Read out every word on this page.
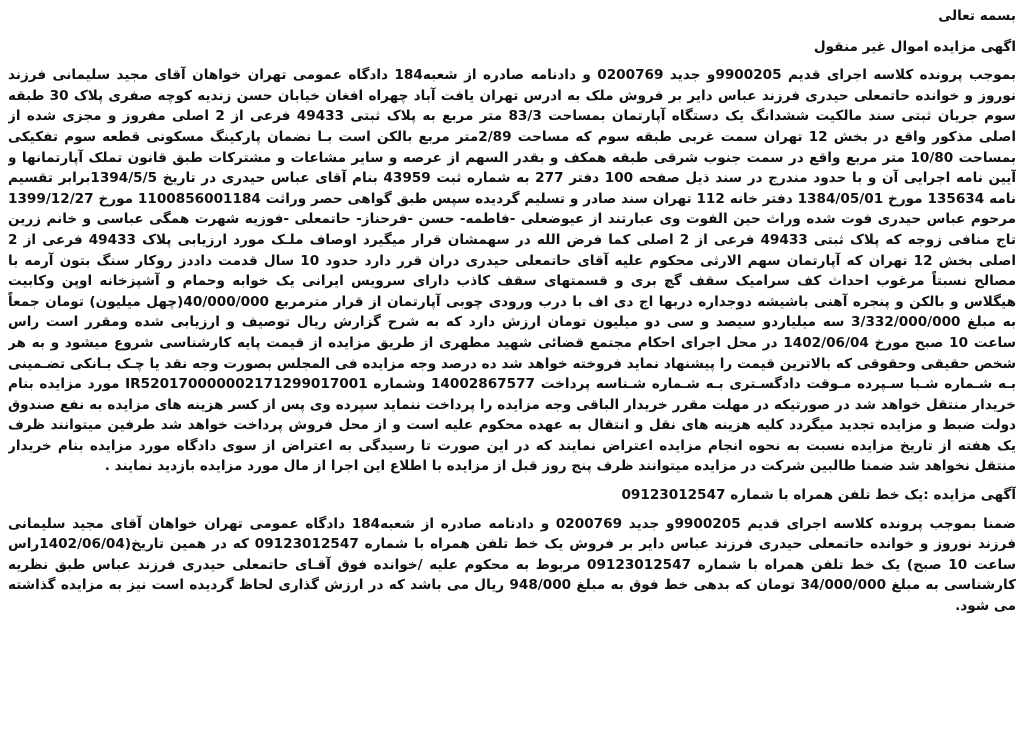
بسمه تعالی

اگهی مزایده اموال غیر منقول

بموجب پرونده کلاسه اجرای قدیم 9900205و جدید 0200769 و دادنامه صادره از شعبه184 دادگاه عمومی تهران خواهان آقای مجید سلیمانی فرزند نوروز و خوانده حاتمعلی حیدری فرزند عباس دایر بر فروش ملک به ادرس تهران یافت آباد چهراه افغان خیابان حسن زندیه کوچه صفری پلاک 30 طبقه سوم جریان ثبتی سند مالکیت ششدانگ یک دستگاه آپارتمان بمساحت 83/3 متر مربع به پلاک ثبتی 49433 فرعی از 2 اصلی مفروز و مجزی شده از اصلی مذکور واقع در بخش 12 تهران سمت غربی طبقه سوم که مساحت 2/89متر مربع بالکن است بـا نضمان پارکینگ مسکونی قطعه سوم تفکیکی بمساحت 10/80 متر مربع واقع در سمت جنوب شرقی طبقه همکف و بقدر السهم از عرصه و سایر مشاعات و مشترکات طبق قانون تملک آپارتمانها و آیین نامه اجرایی آن و با حدود مندرج در سند ذیل صفحه 100 دفتر 277 به شماره ثبت 43959 بنام آقای عباس حیدری در تاریخ 1394/5/5برابر تقسیم نامه 135634 مورخ 1384/05/01 دفتر خانه 112 تهران سند صادر و تسلیم گردیده سپس طبق گواهی حصر وراثت 1100856001184 مورخ 1399/12/27 مرحوم عباس حیدری فوت شده وراث حین الفوت وی عبارتند از عیوضعلی -فاطمه- حسن -فرحناز- حاتمعلی -فوزیه شهرت همگی عباسی و خانم زرین تاج منافی زوجه که پلاک ثبتی 49433 فرعی از 2 اصلی کما فرض الله در سهمشان قرار میگیرد اوصاف ملـک مورد ارزیابی پلاک 49433 فرعی از 2 اصلی بخش 12 تهران که آپارتمان سهم الارثی محکوم علیه آقای حاتمعلی حیدری دران قرر دارد حدود 10 سال قدمت داددز روکار سنگ بتون آرمه با مصالح نسبتاً مرغوب احداث کف سرامیک سقف گچ بری و قسمتهای سقف کاذب دارای سرویس ایرانی یک خوابه وحمام و آشپزخانه اوپن وکابیت هیگلاس و بالکن و پنجره آهنی باشیشه دوجداره دربها اج دی اف با درب ورودی چوبی آپارتمان از قرار مترمربع 40/000/000(چهل میلیون) تومان جمعاً به مبلغ 3/332/000/000 سه میلیاردو سیصد و سی دو میلیون تومان ارزش دارد که به شرح گزارش ریال توصیف و ارزیابی شده ومقرر است راس ساعت 10 صبح مورخ 1402/06/04 در محل اجرای احکام مجتمع قضائی شهید مطهری از طریق مزایده از قیمت پایه کارشناسی شروع میشود و به هر شخص حقیقی وحقوقی که بالاترین قیمت را پیشنهاد نماید فروخته خواهد شد ده درصد وجه مزایده فی المجلس بصورت وجه نقد یا چـک بـانکی تضـمینی بـه شـماره شـبا سـپرده مـوقت دادگسـتری بـه شـماره شـناسه پرداخت 14002867577 وشماره IR520170000002171299017001 مورد مزایده بنام خریدار منتقل خواهد شد در صورتیکه در مهلت مقرر خریدار الباقی وجه مزایده را پرداخت ننماید سپرده وی پس از کسر هزینه های مزایده به نفع صندوق دولت ضبط و مزایده تجدید میگردد کلیه هزینه های نقل و انتقال به عهده محکوم علیه است و از محل فروش پرداخت خواهد شد طرفین میتوانند ظرف یک هفته از تاریخ مزایده نسبت به نحوه انجام مزایده اعتراض نمایند که در این صورت تا رسیدگی به اعتراض از سوی دادگاه مورد مزایده بنام خریدار منتقل نخواهد شد ضمنا طالبین شرکت در مزایده میتوانند ظرف پنج روز قبل از مزایده با اطلاع این اجرا از مال مورد مزایده بازدید نمایند .

آگهی مزایده :یک خط تلفن همراه با شماره 09123012547

ضمنا بموجب پرونده کلاسه اجرای قدیم 9900205و جدید 0200769 و دادنامه صادره از شعبه184 دادگاه عمومی تهران خواهان آقای مجید سلیمانی فرزند نوروز و خوانده حاتمعلی حیدری فرزند عباس دایر بر فروش یک خط تلفن همراه با شماره 09123012547 که در همین تاریخ(1402/06/04راس ساعت 10 صبح) یک خط تلفن همراه با شماره 09123012547 مربوط به محکوم علیه /خوانده فوق آقـای حاتمعلی حیدری فرزند عباس طبق نظریه کارشناسی به مبلغ 34/000/000 تومان که بدهی خط فوق به مبلغ 948/000 ریال می باشد که در ارزش گذاری لحاظ گردیده است نیز به مزایده گذاشته می شود.
